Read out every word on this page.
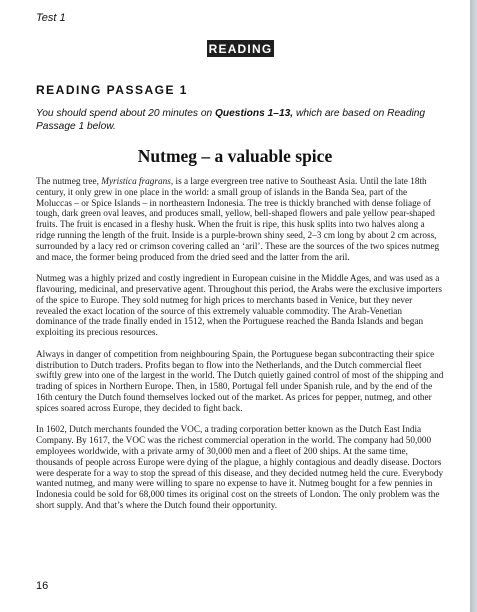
Test 1
READING
READING PASSAGE 1

You should spend about 20 minutes on Questions 1–13, which are based on Reading Passage 1 below.

Nutmeg – a valuable spice

The nutmeg tree, Myristica fragrans, is a large evergreen tree native to Southeast Asia. Until the late 18th century, it only grew in one place in the world: a small group of islands in the Banda Sea, part of the Moluccas – or Spice Islands – in northeastern Indonesia. The tree is thickly branched with dense foliage of tough, dark green oval leaves, and produces small, yellow, bell-shaped flowers and pale yellow pear-shaped fruits. The fruit is encased in a fleshy husk. When the fruit is ripe, this husk splits into two halves along a ridge running the length of the fruit. Inside is a purple-brown shiny seed, 2–3 cm long by about 2 cm across, surrounded by a lacy red or crimson covering called an ‘aril’. These are the sources of the two spices nutmeg and mace, the former being produced from the dried seed and the latter from the aril.

Nutmeg was a highly prized and costly ingredient in European cuisine in the Middle Ages, and was used as a flavouring, medicinal, and preservative agent. Throughout this period, the Arabs were the exclusive importers of the spice to Europe. They sold nutmeg for high prices to merchants based in Venice, but they never revealed the exact location of the source of this extremely valuable commodity. The Arab-Venetian dominance of the trade finally ended in 1512, when the Portuguese reached the Banda Islands and began exploiting its precious resources.

Always in danger of competition from neighbouring Spain, the Portuguese began subcontracting their spice distribution to Dutch traders. Profits began to flow into the Netherlands, and the Dutch commercial fleet swiftly grew into one of the largest in the world. The Dutch quietly gained control of most of the shipping and trading of spices in Northern Europe. Then, in 1580, Portugal fell under Spanish rule, and by the end of the 16th century the Dutch found themselves locked out of the market. As prices for pepper, nutmeg, and other spices soared across Europe, they decided to fight back.

In 1602, Dutch merchants founded the VOC, a trading corporation better known as the Dutch East India Company. By 1617, the VOC was the richest commercial operation in the world. The company had 50,000 employees worldwide, with a private army of 30,000 men and a fleet of 200 ships. At the same time, thousands of people across Europe were dying of the plague, a highly contagious and deadly disease. Doctors were desperate for a way to stop the spread of this disease, and they decided nutmeg held the cure. Everybody wanted nutmeg, and many were willing to spare no expense to have it. Nutmeg bought for a few pennies in Indonesia could be sold for 68,000 times its original cost on the streets of London. The only problem was the short supply. And that’s where the Dutch found their opportunity.

16
